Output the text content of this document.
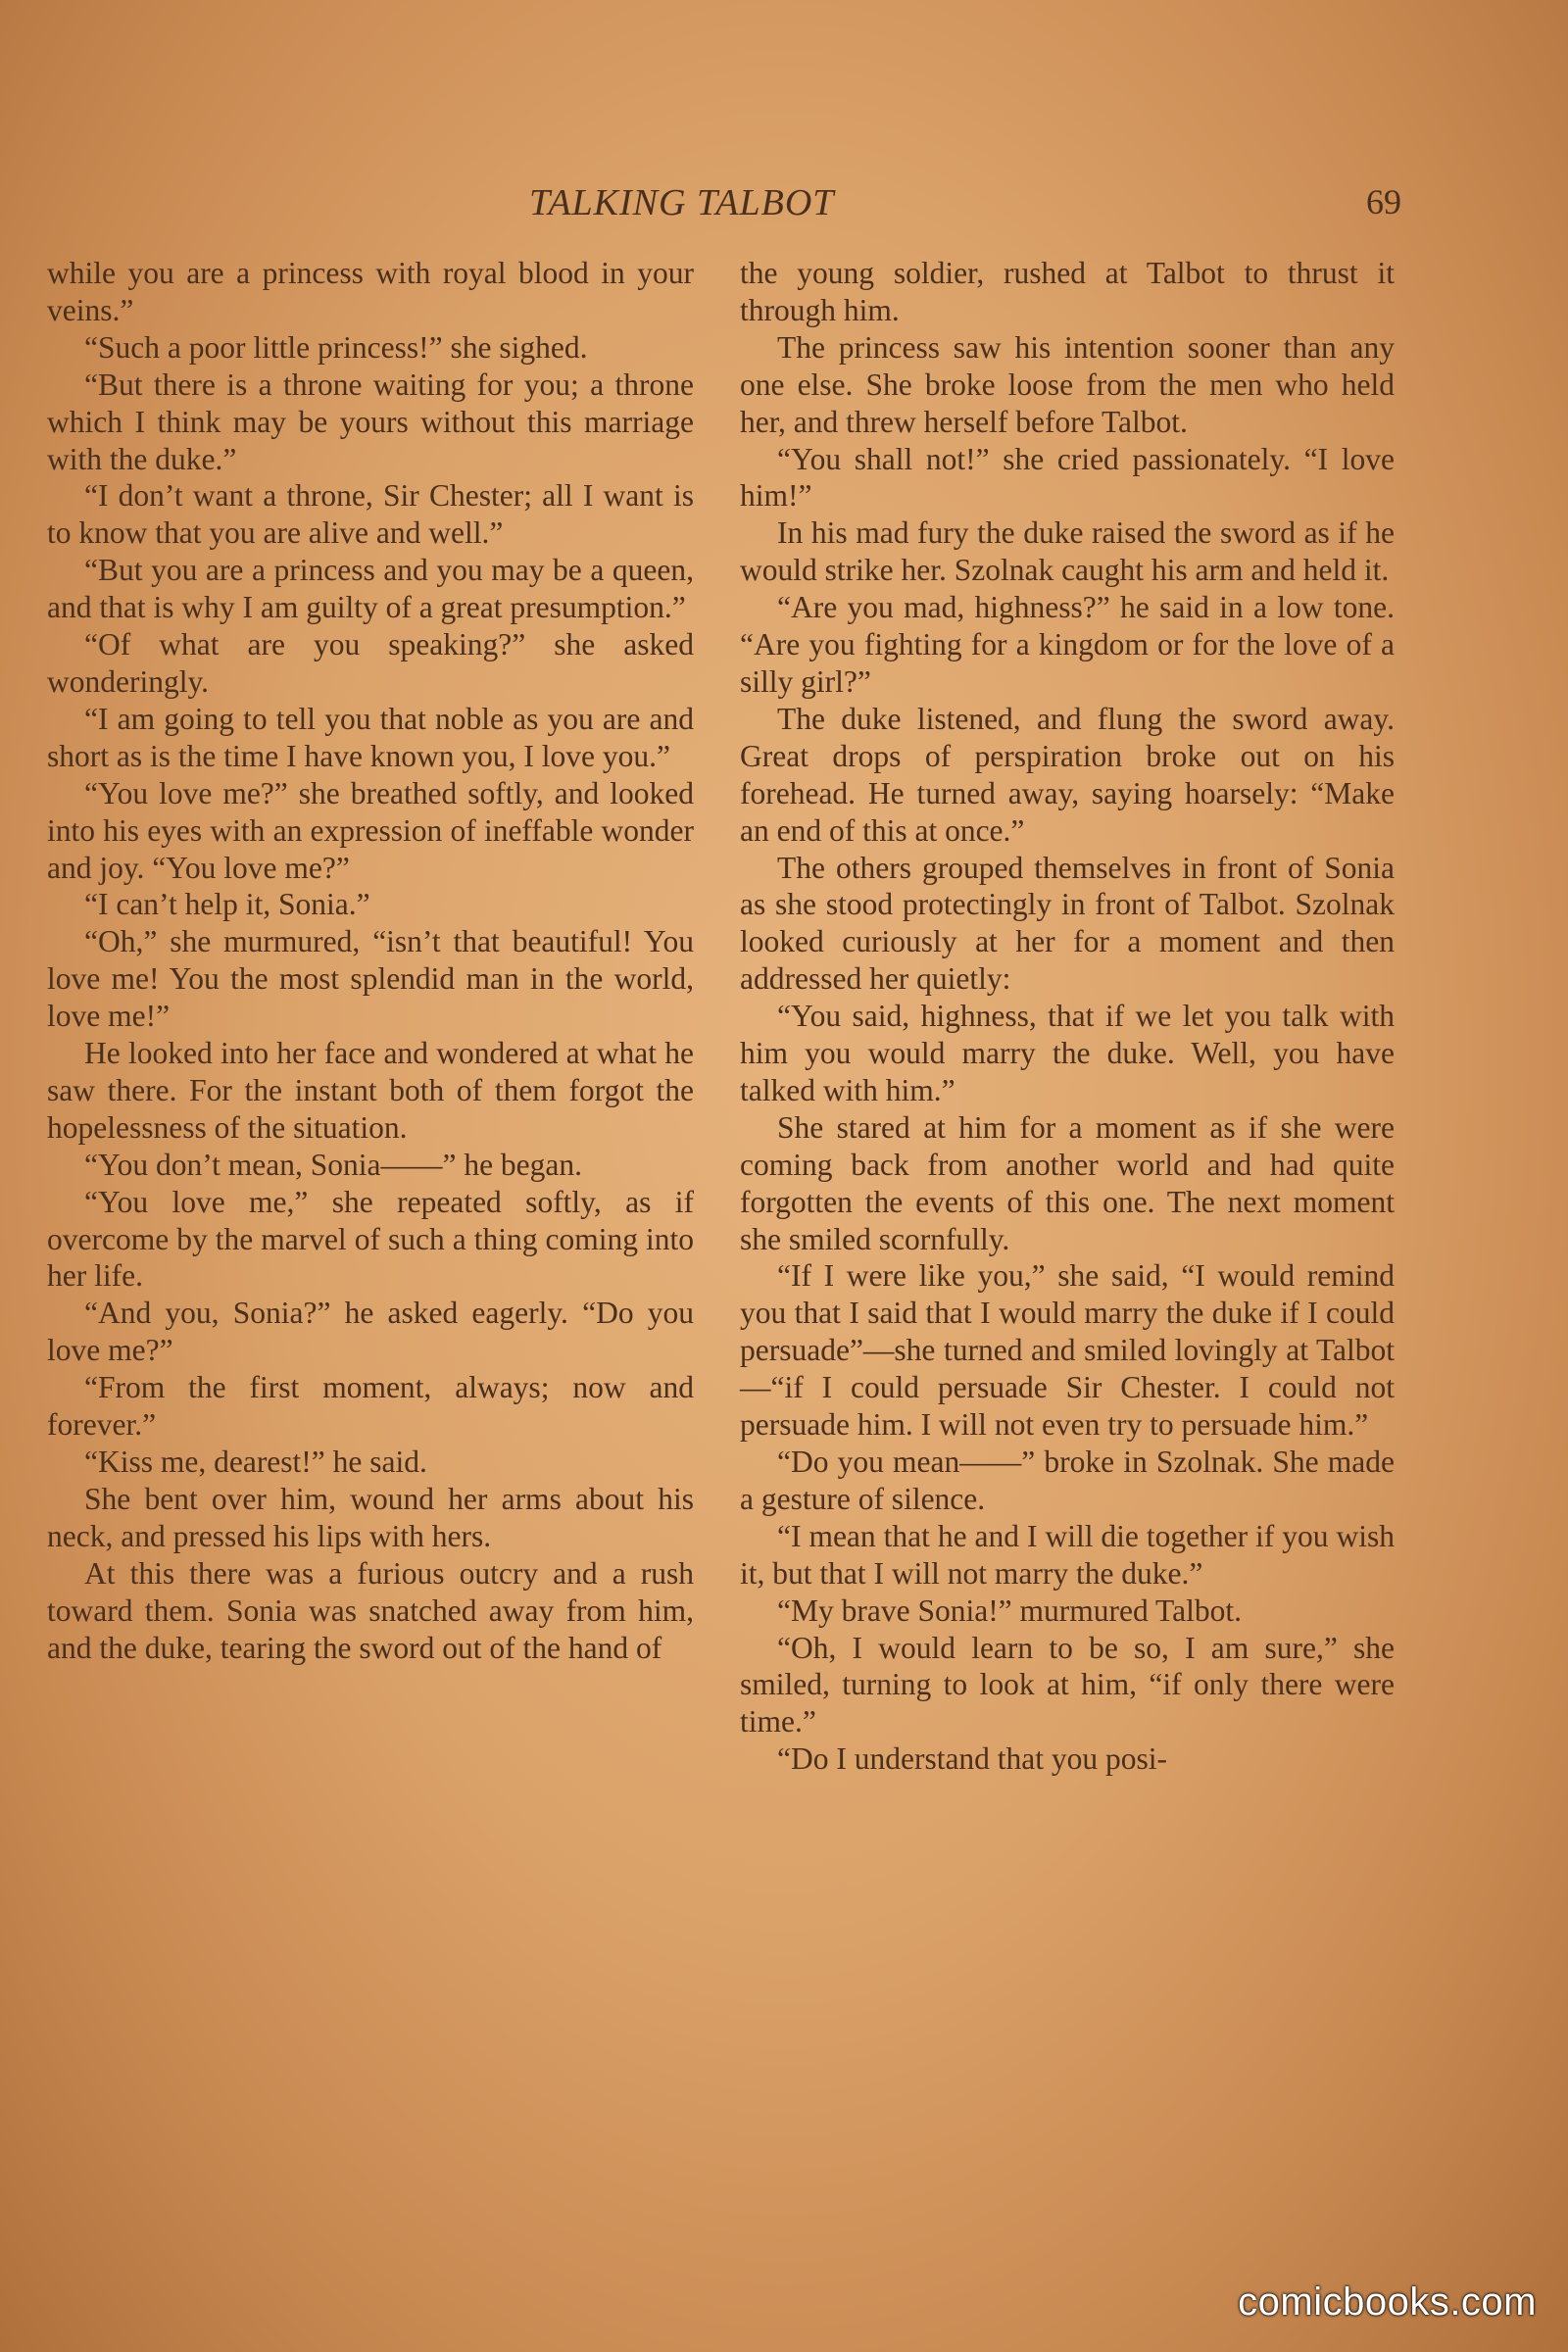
TALKING TALBOT	69

while you are a princess with royal blood in your veins.”

“Such a poor little princess!” she sighed.

“But there is a throne waiting for you; a throne which I think may be yours without this marriage with the duke.”

“I don’t want a throne, Sir Chester; all I want is to know that you are alive and well.”

“But you are a princess and you may be a queen, and that is why I am guilty of a great presumption.”

“Of what are you speaking?” she asked wonderingly.

“I am going to tell you that noble as you are and short as is the time I have known you, I love you.”

“You love me?” she breathed softly, and looked into his eyes with an expression of ineffable wonder and joy. “You love me?”

“I can’t help it, Sonia.”

“Oh,” she murmured, “isn’t that beautiful! You love me! You the most splendid man in the world, love me!”

He looked into her face and wondered at what he saw there. For the instant both of them forgot the hopelessness of the situation.

“You don’t mean, Sonia——” he began.

“You love me,” she repeated softly, as if overcome by the marvel of such a thing coming into her life.

“And you, Sonia?” he asked eagerly. “Do you love me?”

“From the first moment, always; now and forever.”

“Kiss me, dearest!” he said.

She bent over him, wound her arms about his neck, and pressed his lips with hers.

At this there was a furious outcry and a rush toward them. Sonia was snatched away from him, and the duke, tearing the sword out of the hand of

the young soldier, rushed at Talbot to thrust it through him.

The princess saw his intention sooner than any one else. She broke loose from the men who held her, and threw herself before Talbot.

“You shall not!” she cried passionately. “I love him!”

In his mad fury the duke raised the sword as if he would strike her. Szolnak caught his arm and held it.

“Are you mad, highness?” he said in a low tone. “Are you fighting for a kingdom or for the love of a silly girl?”

The duke listened, and flung the sword away. Great drops of perspiration broke out on his forehead. He turned away, saying hoarsely: “Make an end of this at once.”

The others grouped themselves in front of Sonia as she stood protectingly in front of Talbot. Szolnak looked curiously at her for a moment and then addressed her quietly:

“You said, highness, that if we let you talk with him you would marry the duke. Well, you have talked with him.”

She stared at him for a moment as if she were coming back from another world and had quite forgotten the events of this one. The next moment she smiled scornfully.

“If I were like you,” she said, “I would remind you that I said that I would marry the duke if I could persuade”—she turned and smiled lovingly at Talbot—“if I could persuade Sir Chester. I could not persuade him. I will not even try to persuade him.”

“Do you mean——” broke in Szolnak. She made a gesture of silence.

“I mean that he and I will die together if you wish it, but that I will not marry the duke.”

“My brave Sonia!” murmured Talbot.

“Oh, I would learn to be so, I am sure,” she smiled, turning to look at him, “if only there were time.”

“Do I understand that you posi-

comicbooks.com
